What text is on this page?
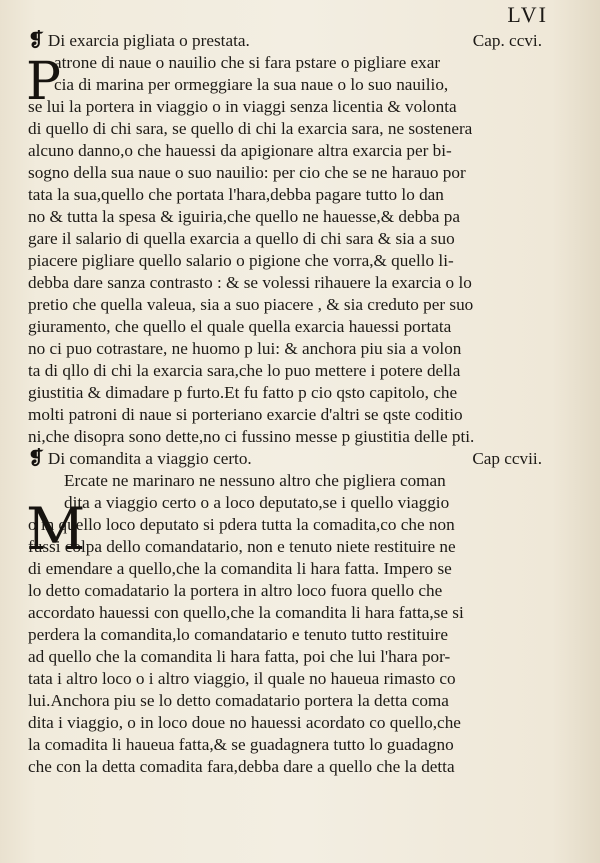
LVI
❡ Di exarcia pigliata o prestata.	Cap. ccvi.
P
atrone di naue o nauilio che si fara pstare o pigliare exar
cia di marina per ormeggiare la sua naue o lo suo nauilio,
se lui la portera in viaggio o in viaggi senza licentia & volonta
di quello di chi sara, se quello di chi la exarcia sara, ne sostenera
alcuno danno,o che hauessi da apigionare altra exarcia per bi-
sogno della sua naue o suo nauilio: per cio che se ne harauo por
tata la sua,quello che portata l'hara,debba pagare tutto lo dan
no & tutta la spesa & iguiria,che quello ne hauesse,& debba pa
gare il salario di quella exarcia a quello di chi sara & sia a suo
piacere pigliare quello salario o pigione che vorra,& quello li-
debba dare sanza contrasto : & se volessi rihauere la exarcia o lo
pretio che quella valeua, sia a suo piacere , & sia creduto per suo
giuramento, che quello el quale quella exarcia hauessi portata
no ci puo cotrastare, ne huomo p lui: & anchora piu sia a volon
ta di qllo di chi la exarcia sara,che lo puo mettere i potere della
giustitia & dimadare p furto.Et fu fatto p cio qsto capitolo, che
molti patroni di naue si porteriano exarcie d'altri se qste coditio
ni,che disopra sono dette,no ci fussino messe p giustitia delle pti.
❡ Di comandita a viaggio certo.	Cap ccvii.
M
Ercate ne marinaro ne nessuno altro che pigliera coman
dita a viaggio certo o a loco deputato,se i quello viaggio
o in quello loco deputato si pdera tutta la comadita,co che non
fussi colpa dello comandatario, non e tenuto niete restituire ne
di emendare a quello,che la comandita li hara fatta. Impero se
lo detto comadatario la portera in altro loco fuora quello che
accordato hauessi con quello,che la comandita li hara fatta,se si
perdera la comandita,lo comandatario e tenuto tutto restituire
ad quello che la comandita li hara fatta, poi che lui l'hara por-
tata i altro loco o i altro viaggio, il quale no haueua rimasto co
lui.Anchora piu se lo detto comadatario portera la detta coma
dita i viaggio, o in loco doue no hauessi acordato co quello,che
la comadita li haueua fatta,& se guadagnera tutto lo guadagno
che con la detta comadita fara,debba dare a quello che la detta
